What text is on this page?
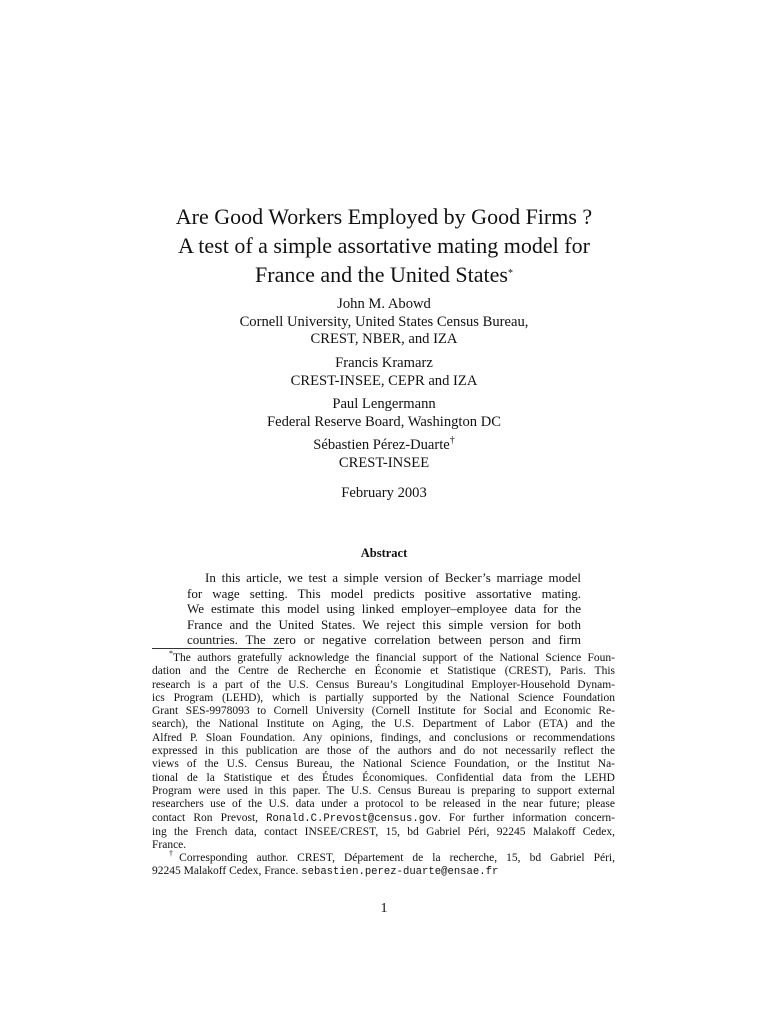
Are Good Workers Employed by Good Firms ?
A test of a simple assortative mating model for
France and the United States*
John M. Abowd
Cornell University, United States Census Bureau,
CREST, NBER, and IZA
Francis Kramarz
CREST-INSEE, CEPR and IZA
Paul Lengermann
Federal Reserve Board, Washington DC
Sébastien Pérez-Duarte†
CREST-INSEE
February 2003
Abstract
In this article, we test a simple version of Becker’s marriage model
for wage setting. This model predicts positive assortative mating.
We estimate this model using linked employer–employee data for the
France and the United States. We reject this simple version for both
countries. The zero or negative correlation between person and firm
*The authors gratefully acknowledge the financial support of the National Science Foun-
dation and the Centre de Recherche en Économie et Statistique (CREST), Paris. This
research is a part of the U.S. Census Bureau’s Longitudinal Employer-Household Dynam-
ics Program (LEHD), which is partially supported by the National Science Foundation
Grant SES-9978093 to Cornell University (Cornell Institute for Social and Economic Re-
search), the National Institute on Aging, the U.S. Department of Labor (ETA) and the
Alfred P. Sloan Foundation. Any opinions, findings, and conclusions or recommendations
expressed in this publication are those of the authors and do not necessarily reflect the
views of the U.S. Census Bureau, the National Science Foundation, or the Institut Na-
tional de la Statistique et des Études Économiques. Confidential data from the LEHD
Program were used in this paper. The U.S. Census Bureau is preparing to support external
researchers use of the U.S. data under a protocol to be released in the near future; please
contact Ron Prevost, Ronald.C.Prevost@census.gov. For further information concern-
ing the French data, contact INSEE/CREST, 15, bd Gabriel Péri, 92245 Malakoff Cedex,
France.
†Corresponding author. CREST, Département de la recherche, 15, bd Gabriel Péri,
92245 Malakoff Cedex, France. sebastien.perez-duarte@ensae.fr
1
